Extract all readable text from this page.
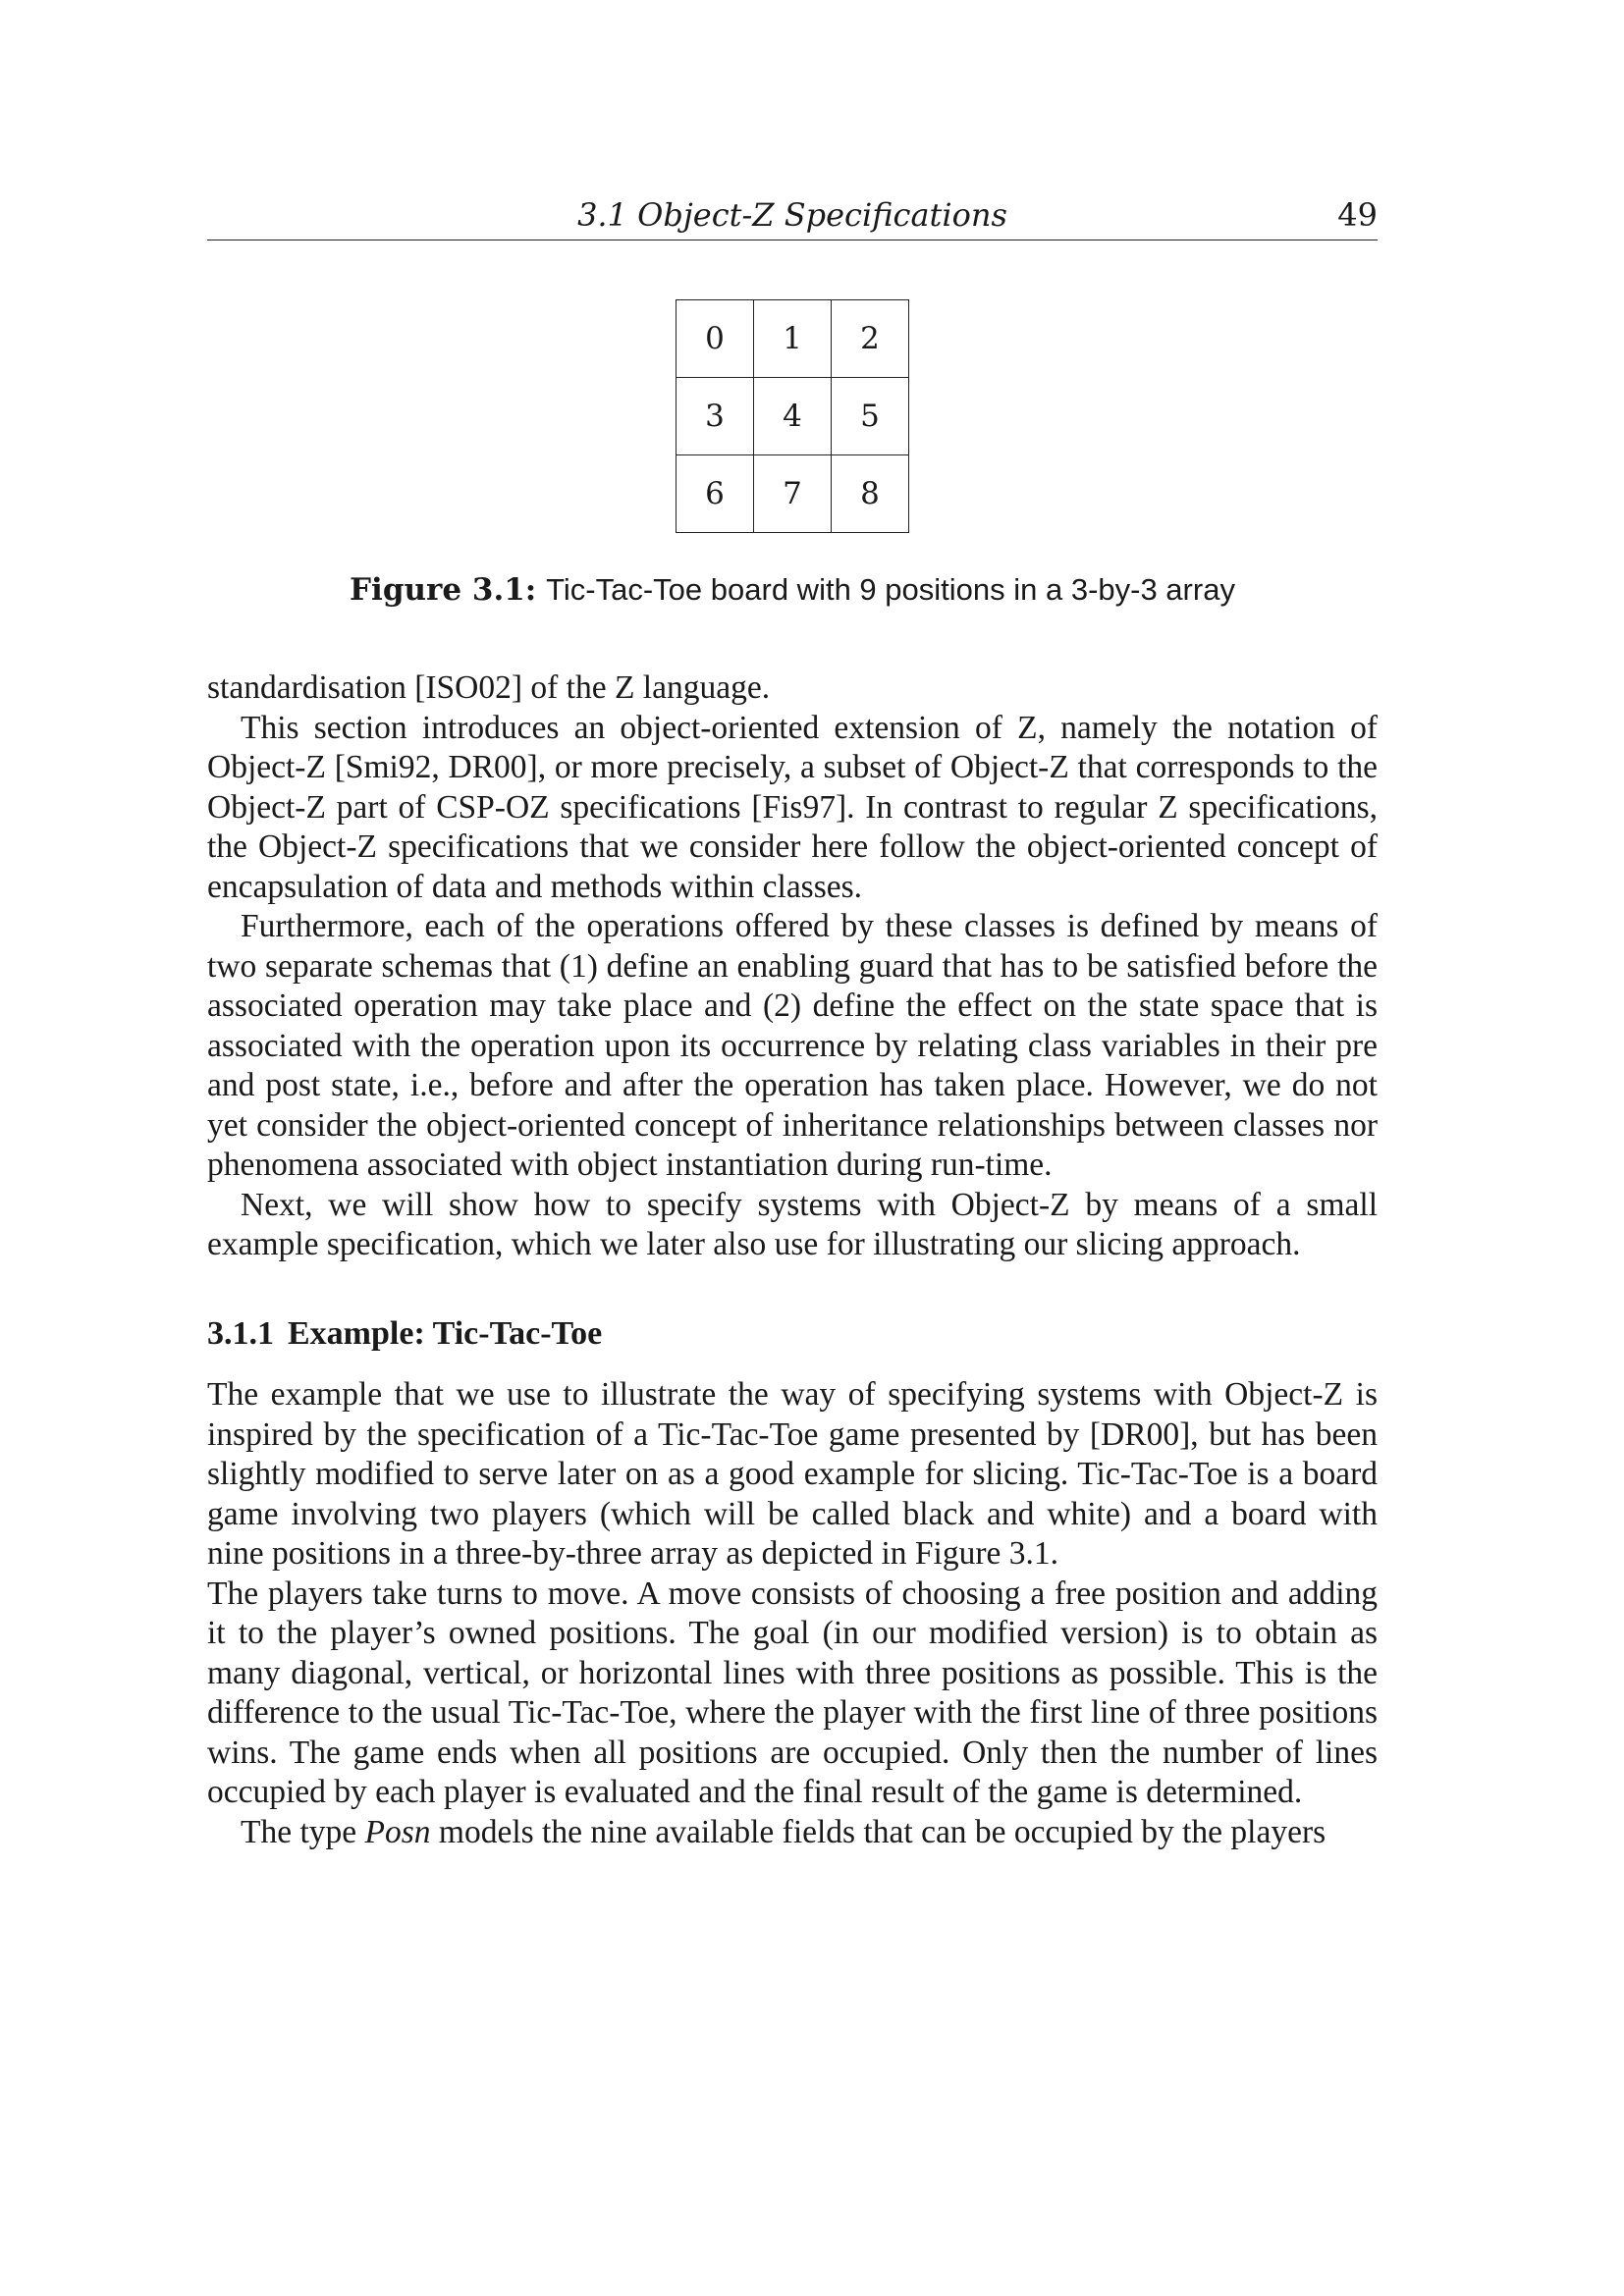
3.1 Object-Z Specifications	49
0	1	2
3	4	5
6	7	8
Figure 3.1: Tic-Tac-Toe board with 9 positions in a 3-by-3 array

standardisation [ISO02] of the Z language.

This section introduces an object-oriented extension of Z, namely the notation of Object-Z [Smi92, DR00], or more precisely, a subset of Object-Z that corresponds to the Object-Z part of CSP-OZ specifications [Fis97]. In contrast to regular Z specifications, the Object-Z specifications that we consider here follow the object-oriented concept of encapsulation of data and methods within classes.

Furthermore, each of the operations offered by these classes is defined by means of two separate schemas that (1) define an enabling guard that has to be satisfied before the associated operation may take place and (2) define the effect on the state space that is associated with the operation upon its occurrence by relating class variables in their pre and post state, i.e., before and after the operation has taken place. However, we do not yet consider the object-oriented concept of inheritance relationships between classes nor phenomena associated with object instantiation during run-time.

Next, we will show how to specify systems with Object-Z by means of a small example specification, which we later also use for illustrating our slicing approach.

3.1.1 Example: Tic-Tac-Toe

The example that we use to illustrate the way of specifying systems with Object-Z is inspired by the specification of a Tic-Tac-Toe game presented by [DR00], but has been slightly modified to serve later on as a good example for slicing. Tic-Tac-Toe is a board game involving two players (which will be called black and white) and a board with nine positions in a three-by-three array as depicted in Figure 3.1.

The players take turns to move. A move consists of choosing a free position and adding it to the player’s owned positions. The goal (in our modified version) is to obtain as many diagonal, vertical, or horizontal lines with three positions as possible. This is the difference to the usual Tic-Tac-Toe, where the player with the first line of three positions wins. The game ends when all positions are occupied. Only then the number of lines occupied by each player is evaluated and the final result of the game is determined.

The type Posn models the nine available fields that can be occupied by the players
